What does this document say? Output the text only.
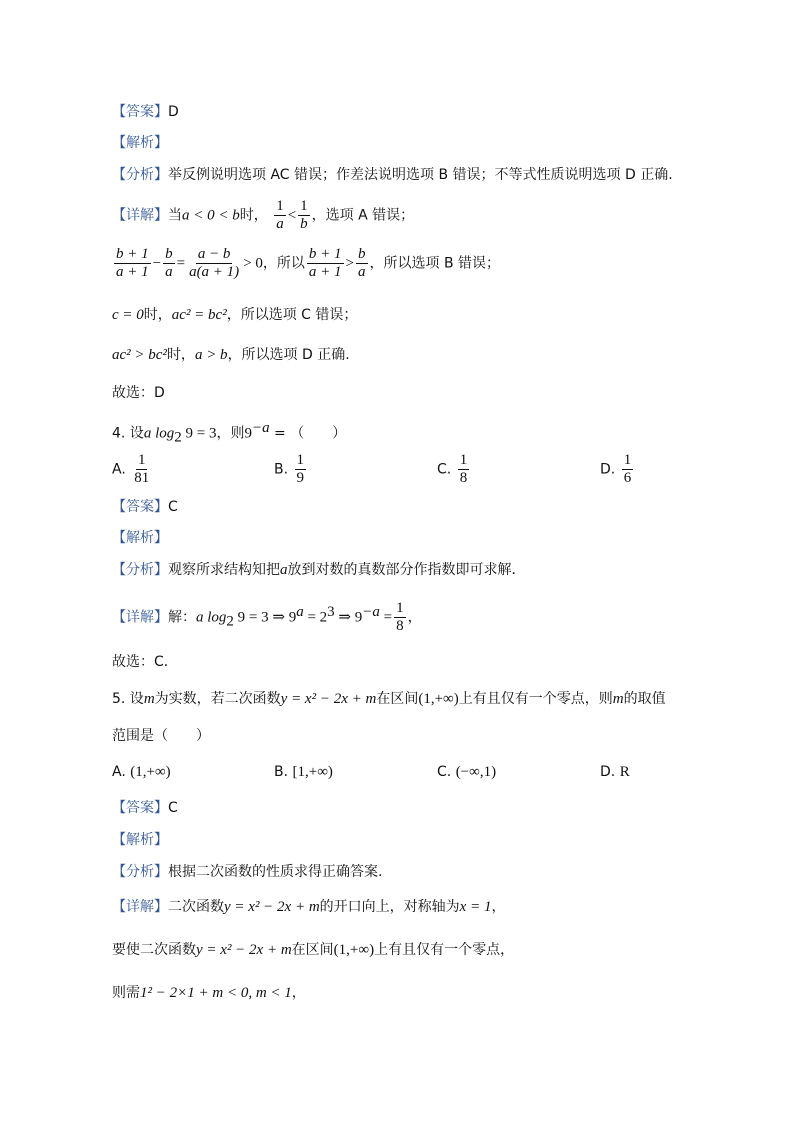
【答案】D
【解析】
【分析】举反例说明选项 AC 错误；作差法说明选项 B 错误；不等式性质说明选项 D 正确.
【详解】当a < 0 < b时， $\frac{1}{a} < \frac{1}{b}$ ，选项 A 错误；
$\frac{b + 1}{a + 1} - \frac{b}{a} = \frac{a - b}{a(a + 1)} > 0$，所以 $\frac{b + 1}{a + 1} > \frac{b}{a}$ ，所以选项 B 错误；
c = 0时，ac² = bc²，所以选项 C 错误；
ac² > bc²时，a > b，所以选项 D 正确.
故选：D
4. 设a $\log_2 9 = 3$，则$9^{-a}$ = （　　）
A. $\frac{1}{81}$	B. $\frac{1}{9}$	C. $\frac{1}{8}$	D. $\frac{1}{6}$
【答案】C
【解析】
【分析】观察所求结构知把a放到对数的真数部分作指数即可求解．
【详解】解：a $\log_2 9 = 3$ ⇒ $9^a = 2^3$ ⇒ $9^{-a} = \frac{1}{8}$ ，
故选：C．
5. 设m为实数，若二次函数y = x² − 2x + m在区间(1,+∞)上有且仅有一个零点，则m的取值
范围是（　　）
A. (1,+∞)	B. [1,+∞)	C. (−∞,1)	D. R
【答案】C
【解析】
【分析】根据二次函数的性质求得正确答案.
【详解】二次函数y = x² − 2x + m的开口向上，对称轴为x = 1，
要使二次函数y = x² − 2x + m在区间(1,+∞)上有且仅有一个零点，
则需1² − 2×1 + m < 0, m < 1，
